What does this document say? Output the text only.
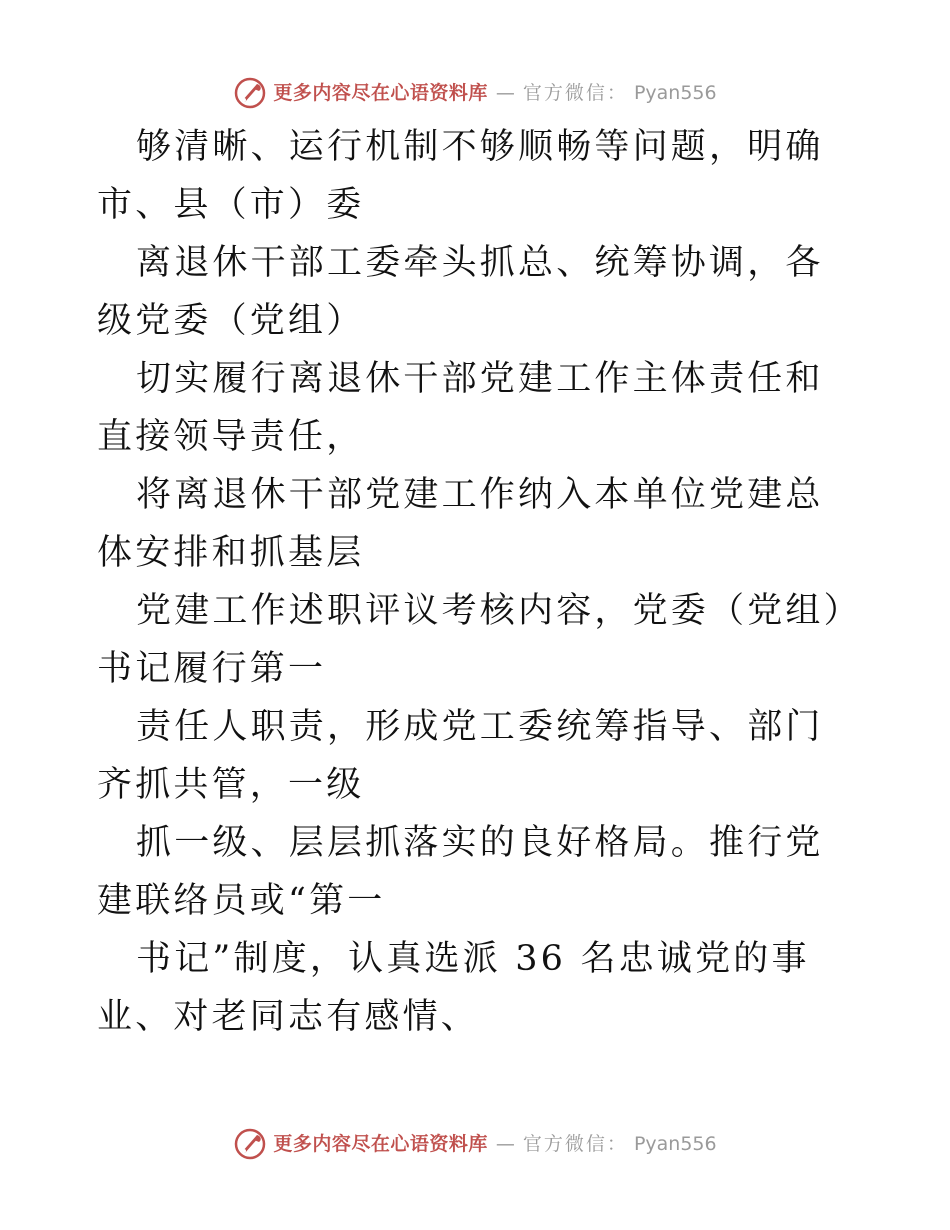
更多内容尽在心语资料库 — 官方微信： Pyan556

够清晰、运行机制不够顺畅等问题，明确市、县（市）委

离退休干部工委牵头抓总、统筹协调，各级党委（党组）

切实履行离退休干部党建工作主体责任和直接领导责任，

将离退休干部党建工作纳入本单位党建总体安排和抓基层

党建工作述职评议考核内容，党委（党组）书记履行第一

责任人职责，形成党工委统筹指导、部门齐抓共管，一级

抓一级、层层抓落实的良好格局。推行党建联络员或“第一

书记”制度，认真选派 36 名忠诚党的事业、对老同志有感情、

更多内容尽在心语资料库 — 官方微信： Pyan556
